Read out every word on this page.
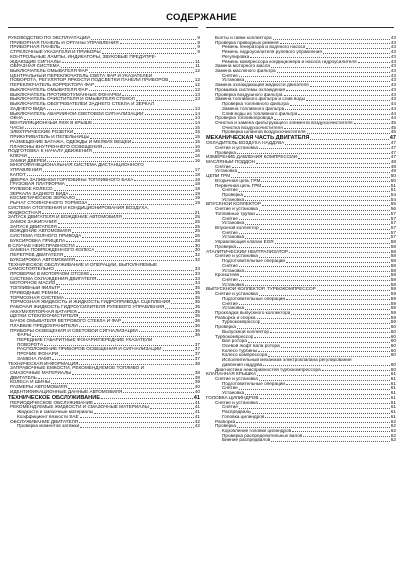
СОДЕРЖАНИЕ
РУКОВОДСТВО ПО ЭКСПЛУАТАЦИИ	9
ПРИБОРНАЯ ПАНЕЛЬ И ОРГАНЫ УПРАВЛЕНИЯ	9
ПРИБОРНАЯ ПАНЕЛЬ	9
СТРЕЛОЧНЫЕ УКАЗАТЕЛИ И ПРИБОРЫ	9
КОНТРОЛЬНЫЕ ЛАМПЫ, ИНДИКАТОРЫ, ЗВУКОВЫЕ ПРЕДУПРЕ-
ЖДАЮЩИЕ СИГНАЛЫ	11
ОБРАЗНАЯ СИСТЕМА	11
ВЫКЛЮЧАТЕЛЬ ОМЫВАТЕЛЯ ФАР	12
ЦЕНТРАЛЬНЫЙ ПЕРЕКЛЮЧАТЕЛЬ СВЕТА ФАР И УКАЗАТЕЛЕЙ
ПОВОРОТА, РЕГУЛЯТОР ЯРКОСТИ ПОДСВЕТКИ ПАНЕЛИ ПРИБОРОВ	12
ПЕРЕКЛЮЧАТЕЛЬ КОРРЕКТОРА ФАР	12
ВЫКЛЮЧАТЕЛЬ ОМЫВАТЕЛЯ ФАР	12
ВЫКЛЮЧАТЕЛЬ ПРОТИВОТУМАННЫХ ФОНАРЕЙ	13
ВЫКЛЮЧАТЕЛЬ ОЧИСТИТЕЛЯ И ОМЫВАТЕЛЯ СТЕКОЛ	13
ВЫКЛЮЧАТЕЛЬ ОБОГРЕВАТЕЛЕЙ ЗАДНЕГО СТЕКЛА И ЗЕРКАЛ
ЗАДНЕГО ВИДА	13
ВЫКЛЮЧАТЕЛЬ АВАРИЙНОЙ СВЕТОВОЙ СИГНАЛИЗАЦИИ	14
ОКНА	14
ВЕНТИЛЯЦИОННЫЙ ЛЮК В КРЫШЕ	14
ЧАСЫ	15
ЭЛЕКТРИЧЕСКИЕ РОЗЕТКИ	15
ПРИКУРИВАТЕЛЬ И ПЕПЕЛЬНИЦЫ	15
РАЗМЕЩЕНИЕ БАГАЖА, ОДЕЖДЫ И МЕЛКИХ ВЕЩЕЙ	15
ПЛАФОНЫ ВНУТРЕННЕГО ОСВЕЩЕНИЯ	16
ПОДГОТОВКА К НАЧАЛУ ДВИЖЕНИЯ	16
КЛЮЧИ	16
ЗАМКИ ДВЕРЕЙ	16
МНОГОФУНКЦИОНАЛЬНАЯ СИСТЕМА ДИСТАНЦИОННОГО
УПРАВЛЕНИЯ	17
КАПОТ	18
ДВЕРКА ЗАЛИВНОЙ ГОРЛОВИНЫ ТОПЛИВНОГО БАКА	18
ГРУЗОВАЯ ПЛАТФОРМА	18
РУЛЕВОЕ КОЛЕСО	18
ЗЕРКАЛА ЗАДНЕГО ВИДА	19
КОСМЕТИЧЕСКОЕ ЗЕРКАЛО	19
РЫЧАГ СТОЯНОЧНОГО ТОРМОЗА	19
СИСТЕМА ОТОПЛЕНИЯ И КОНДИЦИОНИРОВАНИЯ ВОЗДУХА,
ЖИДКОСТНАЯ	21
ЗАПУСК ДВИГАТЕЛЯ И ВОЖДЕНИЕ АВТОМОБИЛЯ	25
ЗАМОК ЗАЖИГАНИЯ	25
ЗАПУСК ДВИГАТЕЛЯ	25
ВОЖДЕНИЕ АВТОМОБИЛЯ	26
СИСТЕМА ПОЛНОГО ПРИВОДА	26
БУКСИРОВКА ПРИЦЕПА	28
В СЛУЧАЕ НЕИСПРАВНОСТИ	30
ЗАМЕНА ПОВРЕЖДЕННОГО КОЛЕСА	30
ПЕРЕГРЕВ ДВИГАТЕЛЯ	32
БУКСИРОВКА АВТОМОБИЛЯ	32
ТЕХНИЧЕСКОЕ ОБСЛУЖИВАНИЕ И ОПЕРАЦИИ, ВЫПОЛНЯЕМЫЕ
САМОСТОЯТЕЛЬНО	33
ПРОВЕРКИ В МОТОРНОМ ОТСЕКЕ	33
СИСТЕМА ОХЛАЖДЕНИЯ ДВИГАТЕЛЯ	33
МОТОРНОЕ МАСЛО	34
ТОПЛИВНЫЙ ФИЛЬТР	35
ПРИВОДНЫЕ РЕМНИ	35
ТОРМОЗНАЯ СИСТЕМА	35
ТОРМОЗНАЯ ЖИДКОСТЬ И ЖИДКОСТЬ ГИДРОПРИВОДА СЦЕПЛЕНИЯ	35
РАБОЧАЯ ЖИДКОСТЬ ГИДРОУСИЛИТЕЛЯ РУЛЕВОГО УПРАВЛЕНИЯ	35
АККУМУЛЯТОРНАЯ БАТАРЕЯ	35
ЩЕТКИ СТЕКЛООЧИСТИТЕЛЯ	35
БАЧОК ОМЫВАТЕЛЯ ВЕТРОВОГО СТЕКЛА И ФАР	36
ПЛАВКИЕ ПРЕДОХРАНИТЕЛИ	36
ПРИБОРЫ ОСВЕЩЕНИЯ И СВЕТОВОЙ СИГНАЛИЗАЦИИ	36
ФАРЫ	36
ПЕРЕДНИЕ ГАБАРИТНЫЕ ФОНАРИ/ПЕРЕДНИЕ УКАЗАТЕЛИ
ПОВОРОТА	37
РАСПОЛОЖЕНИЕ ПРИБОРОВ ОСВЕЩЕНИЯ И СИГНАЛИЗАЦИИ	37
ПРОЧИЕ ФОНАРИ	37
ЗАМЕНА ЛАМП	37
ТЕХНИЧЕСКАЯ ИНФОРМАЦИЯ	38
ЗАПРАВОЧНЫЕ ЕМКОСТИ, РЕКОМЕНДУЕМОЕ ТОПЛИВО И
СМАЗОЧНЫЕ МАТЕРИАЛЫ	38
ДВИГАТЕЛЬ	38
КОЛЕСА И ШИНЫ	39
РАЗМЕРЫ АВТОМОБИЛЯ	40
ИДЕНТИФИКАЦИОННЫЕ ДАННЫЕ АВТОМОБИЛЯ	40
ТЕХНИЧЕСКОЕ ОБСЛУЖИВАНИЕ	41
ПЕРИОДИЧЕСКОЕ ОБСЛУЖИВАНИЕ	41
РЕКОМЕНДУЕМЫЕ ЖИДКОСТИ И СМАЗОЧНЫЕ МАТЕРИАЛЫ	41
Жидкости и смазочные материалы	41
Коэффициент вязкости SAE	41
ОБСЛУЖИВАНИЕ ДВИГАТЕЛЯ	42
Проверка моментов затяжки	42
Болты и гайки коллектора	43
Проверка приводных ремней	43
Ремень генератора и водяного насоса	43
Ремень гидроусилителя рулевого управления	43
Регулировка	43
Ремень компрессора кондиционера и насоса гидроусилителя	43
Замена моторного масла	43
Замена масляного фильтра	43
Снятие	43
Установка	43
Замена охлаждающей жидкости двигателя	43
Промывка системы охлаждения	43
Проверка воздушного фильтра	43
Замена топливного фильтра и слив воды	43
Проверка топливного фильтра	44
Замена топливного фильтра	44
Слив воды из топливного фильтра	44
Проверка топливопровода	44
Очистка и замена фильтрующего элемента воздухоочистителя	45
Очистка воздухоочистителя	45
Проверка шлангов воздухоочистителя	45
МЕХАНИЧЕСКАЯ ЧАСТЬ ДВИГАТЕЛЯ	47
ОХЛАДИТЕЛЬ ВОЗДУХА НАДДУВА	47
Снятие и установка	47
Проверка	47
ИЗМЕРЕНИЕ ДАВЛЕНИЯ КОМПРЕССИИ	47
МАСЛЯНЫЙ ПОДДОН	48
Снятие	48
Установка	49
ЦЕПИ ГРМ	50
Вторичная цепь ГРМ	50
Первичная цепь ГРМ	51
Снятие	51
Проверка	54
Установка	54
ВПУСКНОЙ КОЛЛЕКТОР	56
Снятие и установка	56
Топливные трубки	57
Снятие	57
Установка	57
Впускной коллектор	57
Снятие	57
Установка	57
Управляющий клапан EGR	58
Проверка	58
АТАЛИТИЧЕСКИЙ НЕЙТРАЛИЗАТОР	58
Снятие и установка	58
Подготовительные операции	58
Снятие	58
Установка	58
Кронштейн	58
Снятие	58
Установка	58
ВЫПУСКНОЙ КОЛЛЕКТОР, ТУРБОКОМПРЕССОР	59
Снятие и установка	59
Подготовительные операции	59
Снятие	59
Установка	59
Прокладка выпускного коллектора	59
Разборка и сборка	59
Турбокомпрессор	59
Проверка	60
Выпускной коллектор	60
Турбокомпрессор	60
Вал ротора	60
Осевой люфт вала ротора	60
Колесо турбины	60
Колесо компрессора	60
Исполнительный механизм электроклапана регулирования
давления наддува	60
Диагностика неисправностей турбокомпрессора	60
КЛАПАННАЯ КРЫШКА	61
Снятие и установка	61
Подготовительные операции	61
Снятие	61
Установка	61
ГОЛОВКА ЦИЛИНДРОВ	61
Снятие и установка	61
Снятие	61
Распредвалы	61
Головка цилиндров	61
Разборка	62
Проверка	62
Коробление головки цилиндров	62
Проверка распределительных валов	62
Биение распредвалов	62
